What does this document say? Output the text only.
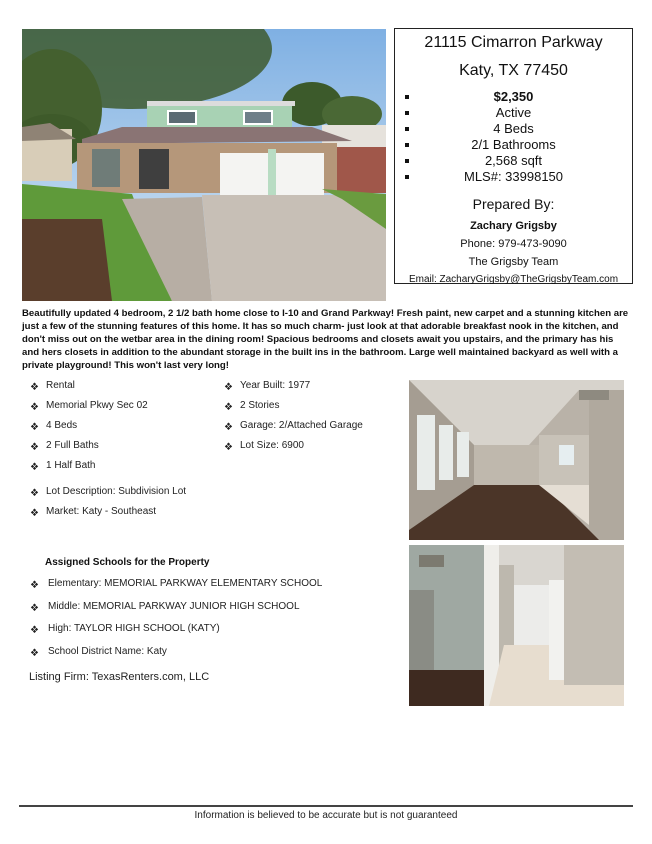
21115 Cimarron Parkway
Katy, TX 77450
$2,350
Active
4 Beds
2/1 Bathrooms
2,568 sqft
MLS#: 33998150
Prepared By:
Zachary Grigsby
Phone: 979-473-9090
The Grigsby Team
Email: ZacharyGrigsby@TheGrigsbyTeam.com
Beautifully updated 4 bedroom, 2 1/2 bath home close to I-10 and Grand Parkway! Fresh paint, new carpet and a stunning kitchen are just a few of the stunning features of this home. It has so much charm- just look at that adorable breakfast nook in the kitchen, and don't miss out on the wetbar area in the dining room! Spacious bedrooms and closets await you upstairs, and the primary has his and hers closets in addition to the abundant storage in the built ins in the bathroom. Large well maintained backyard as well with a private playground! This won't last very long!
❖ Rental
❖ Memorial Pkwy Sec 02
❖ 4 Beds
❖ 2 Full Baths
❖ 1 Half Bath
❖ Year Built: 1977
❖ 2 Stories
❖ Garage: 2/Attached Garage
❖ Lot Size: 6900
❖ Lot Description: Subdivision Lot
❖ Market: Katy - Southeast
Assigned Schools for the Property
❖ Elementary: MEMORIAL PARKWAY ELEMENTARY SCHOOL
❖ Middle: MEMORIAL PARKWAY JUNIOR HIGH SCHOOL
❖ High: TAYLOR HIGH SCHOOL (KATY)
❖ School District Name: Katy
Listing Firm: TexasRenters.com, LLC
Information is believed to be accurate but is not guaranteed
